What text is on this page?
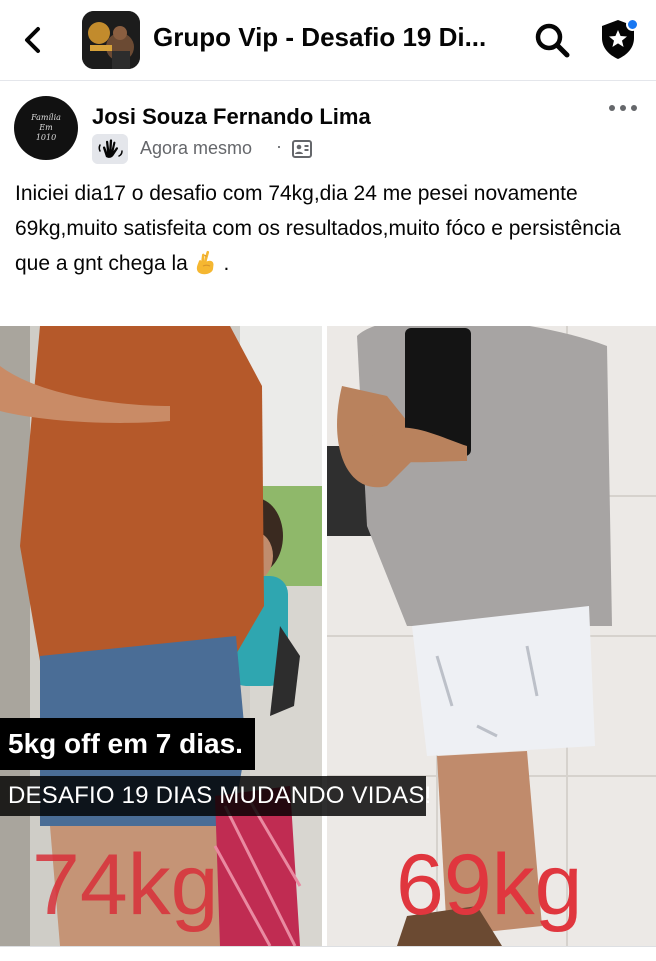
Grupo Vip - Desafio 19 Di...
Família
Em
1010
Josi Souza Fernando Lima
Agora mesmo ·
Iniciei dia17 o desafio com 74kg,dia 24 me pesei novamente 69kg,muito satisfeita com os resultados,muito fóco e persistência que a gnt chega la .
5kg off em 7 dias.
DESAFIO 19 DIAS MUDANDO VIDAS!
74kg 69kg
